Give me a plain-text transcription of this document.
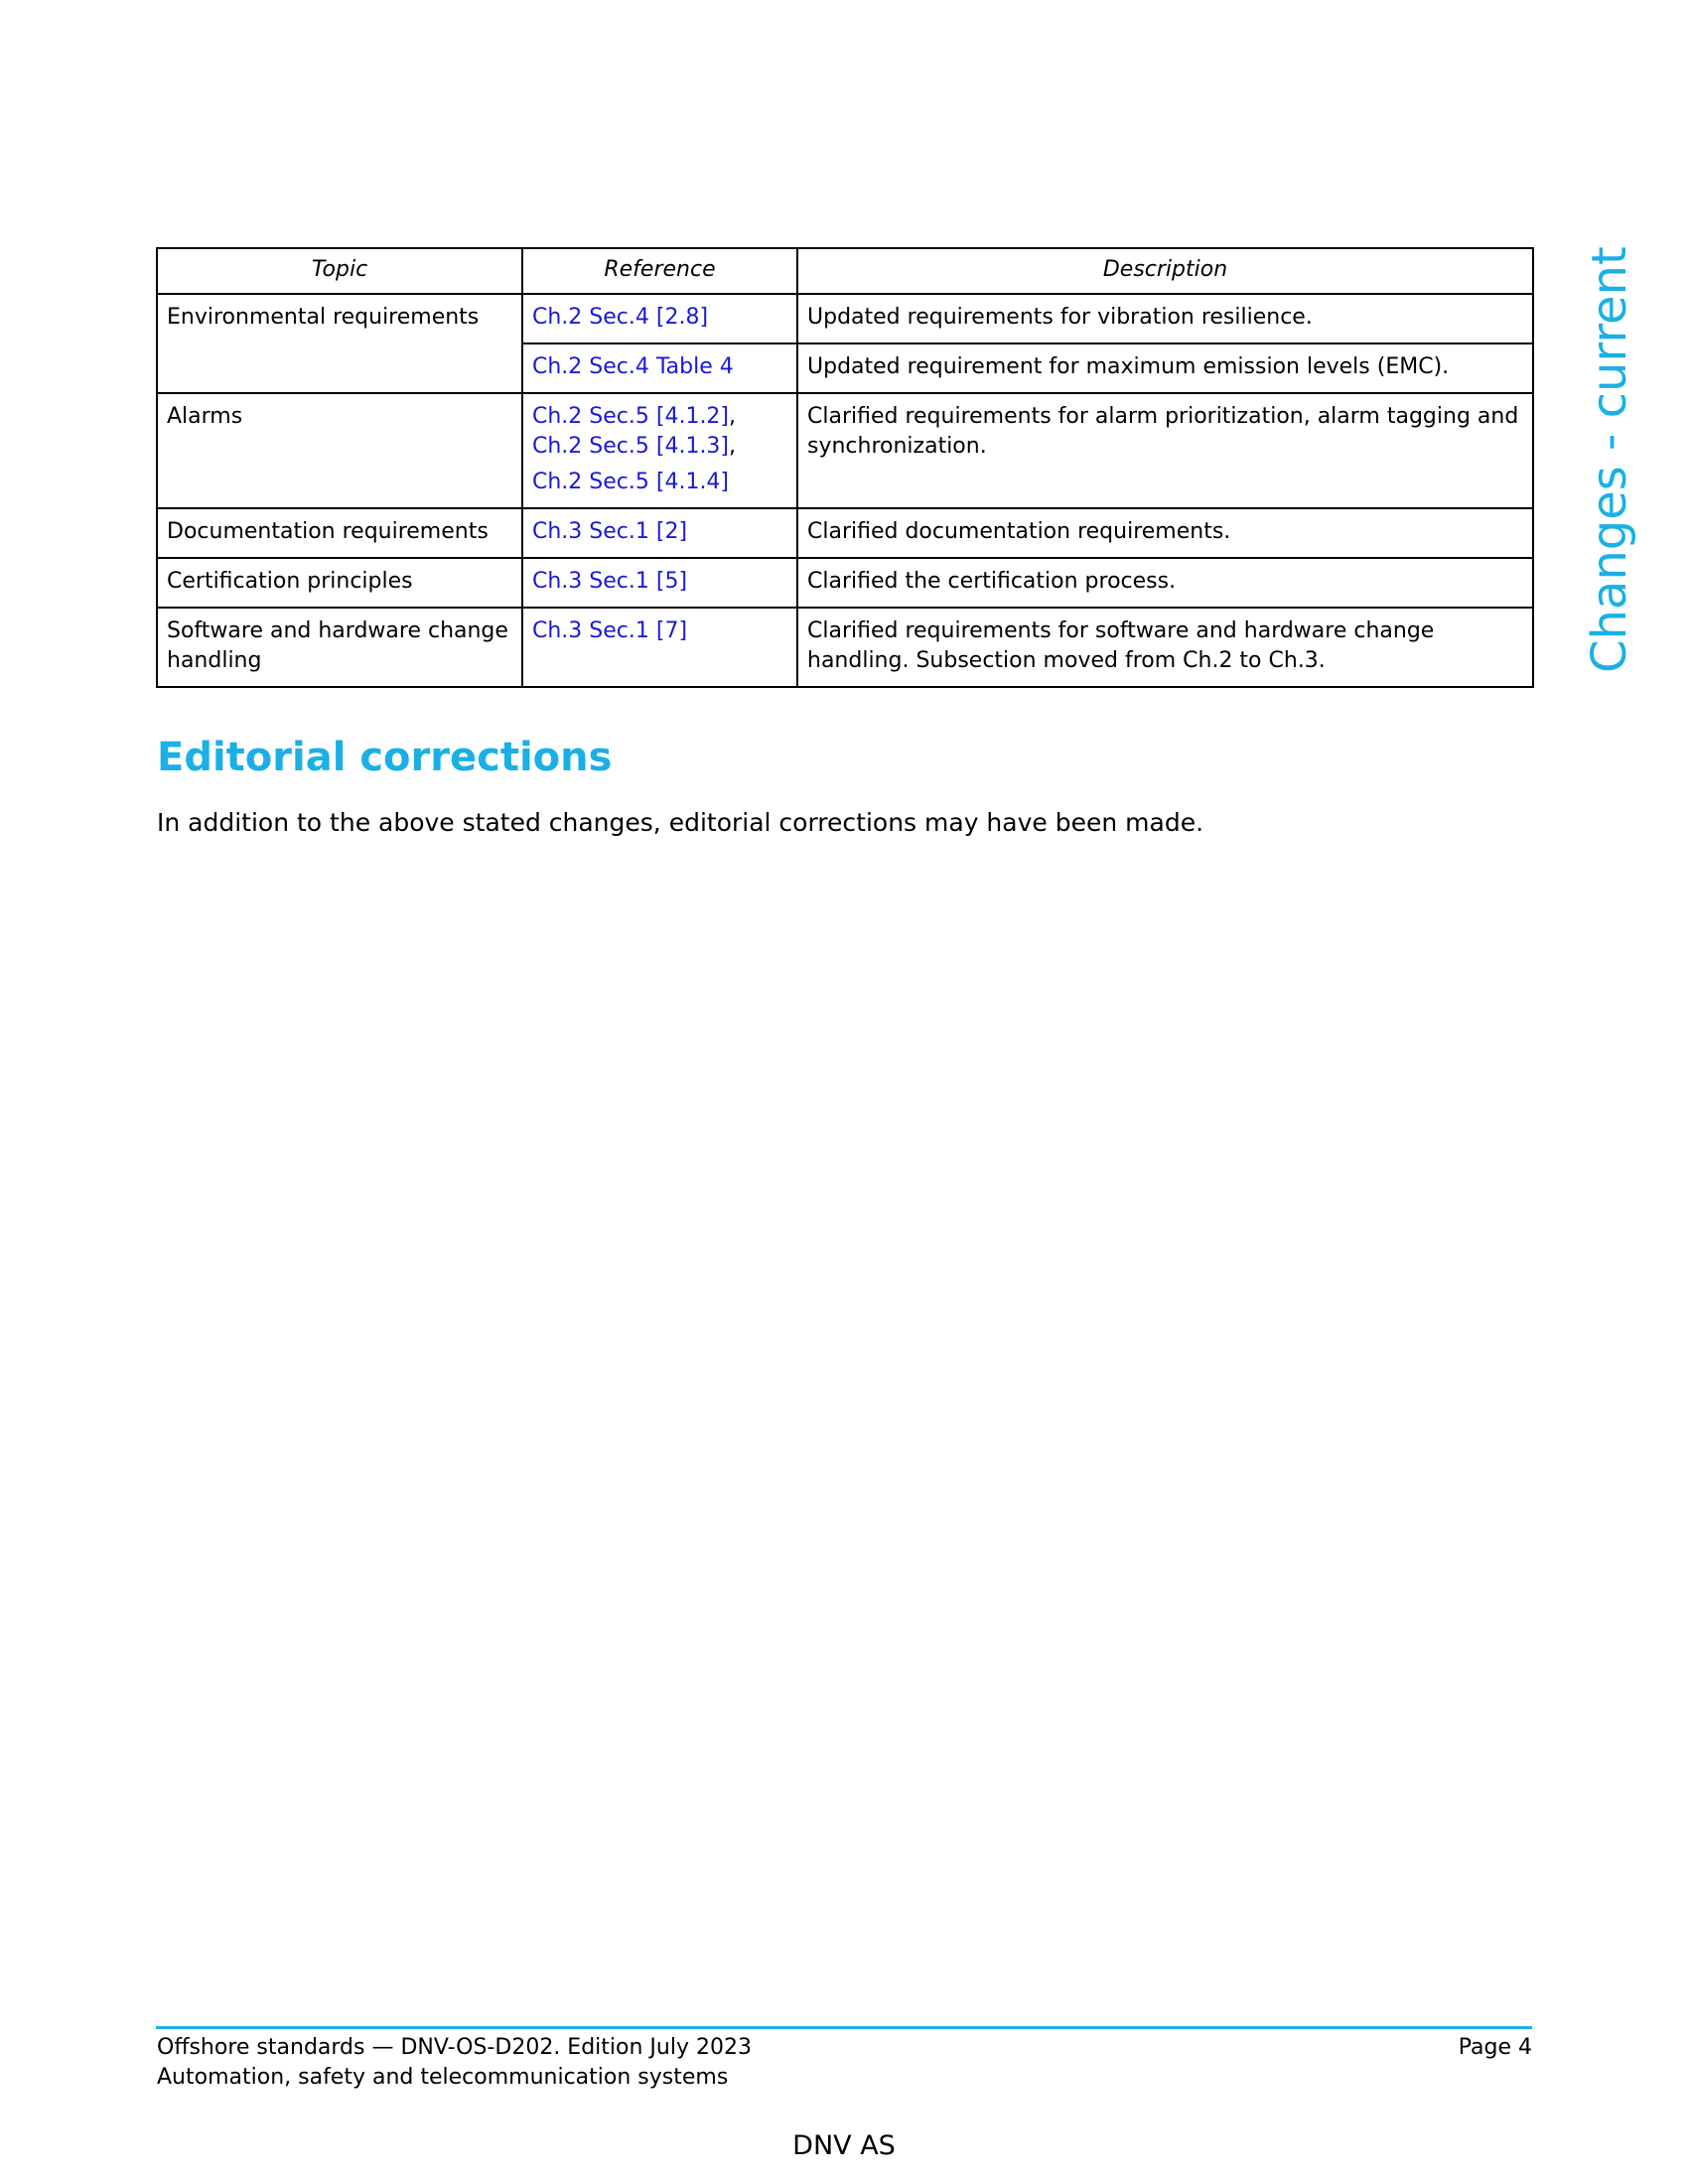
Changes - current
Topic	Reference	Description
Environmental requirements	Ch.2 Sec.4 [2.8]	Updated requirements for vibration resilience.
	Ch.2 Sec.4 Table 4	Updated requirement for maximum emission levels (EMC).
Alarms	Ch.2 Sec.5 [4.1.2],
Ch.2 Sec.5 [4.1.3],
Ch.2 Sec.5 [4.1.4]	Clarified requirements for alarm prioritization, alarm tagging and synchronization.
Documentation requirements	Ch.3 Sec.1 [2]	Clarified documentation requirements.
Certification principles	Ch.3 Sec.1 [5]	Clarified the certification process.
Software and hardware change handling	Ch.3 Sec.1 [7]	Clarified requirements for software and hardware change handling. Subsection moved from Ch.2 to Ch.3.
Editorial corrections

In addition to the above stated changes, editorial corrections may have been made.

Offshore standards — DNV-OS-D202. Edition July 2023
Automation, safety and telecommunication systems
Page 4
DNV AS
